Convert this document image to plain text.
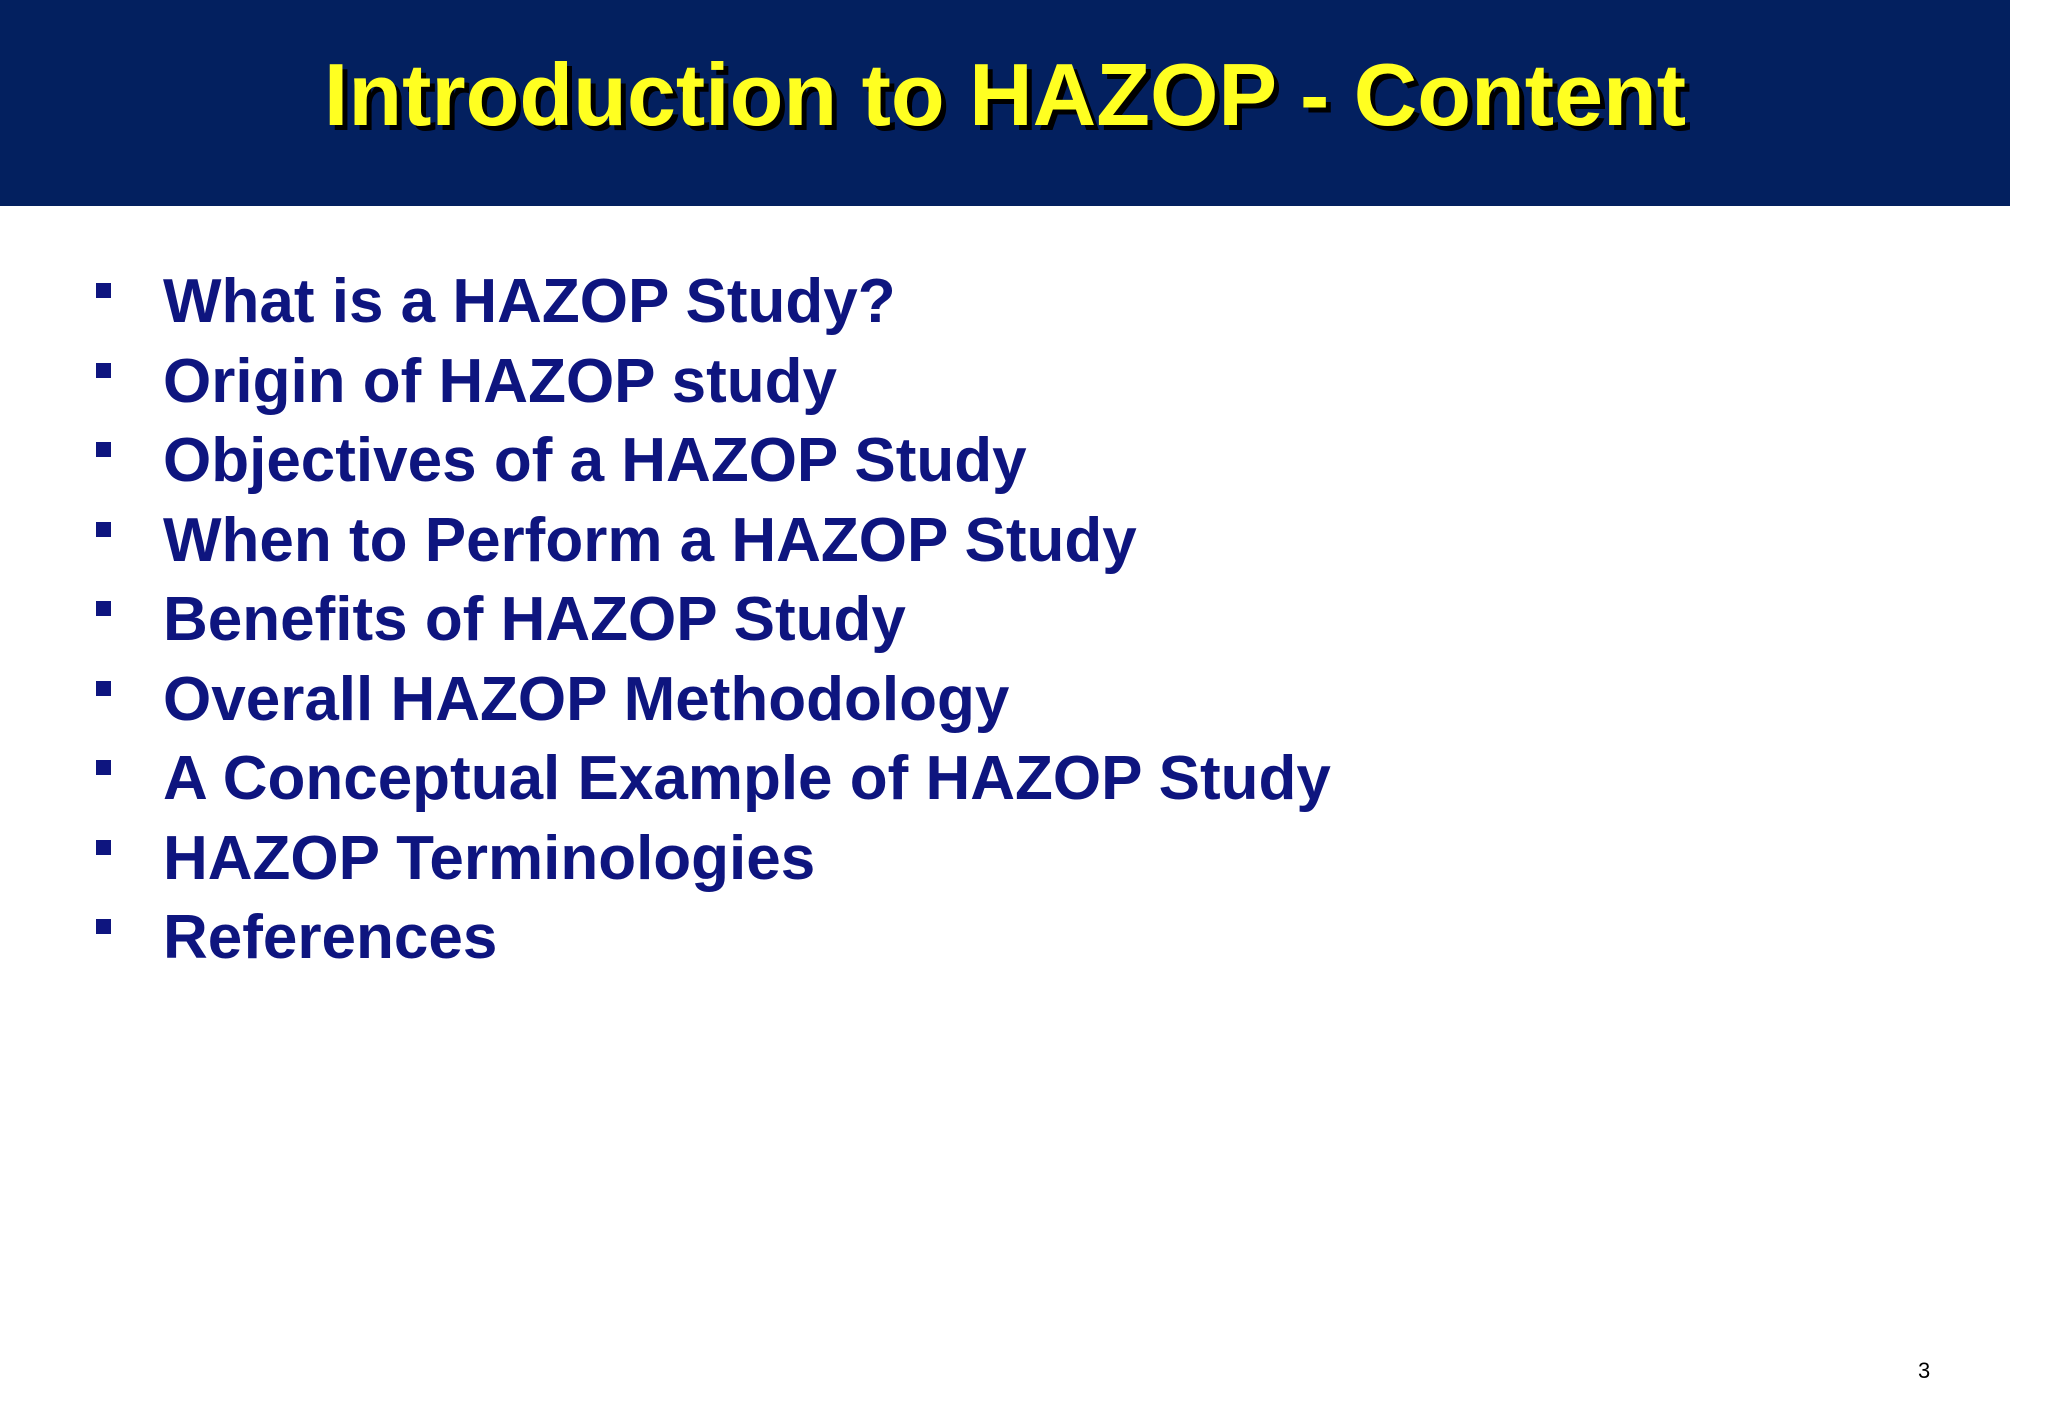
Introduction to HAZOP - Content
What is a HAZOP Study?
Origin of HAZOP study
Objectives of a HAZOP Study
When to Perform a HAZOP Study
Benefits of HAZOP Study
Overall HAZOP Methodology
A Conceptual Example of HAZOP Study
HAZOP Terminologies
References
3
